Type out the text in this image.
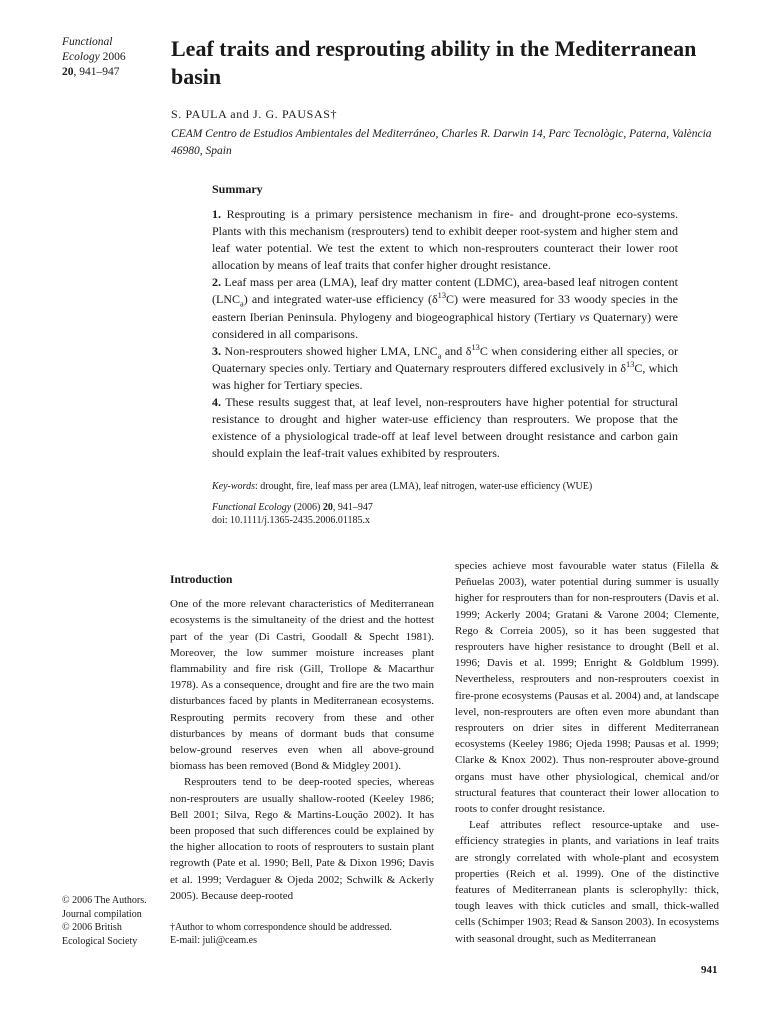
Functional
Ecology 2006
20, 941–947
Leaf traits and resprouting ability in the Mediterranean basin
S. PAULA and J. G. PAUSAS†
CEAM Centro de Estudios Ambientales del Mediterráneo, Charles R. Darwin 14, Parc Tecnològic, Paterna, València 46980, Spain
Summary

1. Resprouting is a primary persistence mechanism in fire- and drought-prone eco-systems. Plants with this mechanism (resprouters) tend to exhibit deeper root-system and higher stem and leaf water potential. We test the extent to which non-resprouters counteract their lower root allocation by means of leaf traits that confer higher drought resistance.

2. Leaf mass per area (LMA), leaf dry matter content (LDMC), area-based leaf nitrogen content $(LNC_a)$ and integrated water-use efficiency $(\delta^{13}C)$ were measured for 33 woody species in the eastern Iberian Peninsula. Phylogeny and biogeographical history (Tertiary vs Quaternary) were considered in all comparisons.

3. Non-resprouters showed higher LMA, $LNC_a$ and $\delta^{13}C$ when considering either all species, or Quaternary species only. Tertiary and Quaternary resprouters differed exclusively in $\delta^{13}C$, which was higher for Tertiary species.

4. These results suggest that, at leaf level, non-resprouters have higher potential for structural resistance to drought and higher water-use efficiency than resprouters. We propose that the existence of a physiological trade-off at leaf level between drought resistance and carbon gain should explain the leaf-trait values exhibited by resprouters.

Key-words: drought, fire, leaf mass per area (LMA), leaf nitrogen, water-use efficiency (WUE)
Functional Ecology (2006) 20, 941–947
doi: 10.1111/j.1365-2435.2006.01185.x
Introduction

One of the more relevant characteristics of Mediterranean ecosystems is the simultaneity of the driest and the hottest part of the year (Di Castri, Goodall & Specht 1981). Moreover, the low summer moisture increases plant flammability and fire risk (Gill, Trollope & Macarthur 1978). As a consequence, drought and fire are the two main disturbances faced by plants in Mediterranean ecosystems. Resprouting permits recovery from these and other disturbances by means of dormant buds that consume below-ground reserves even when all above-ground biomass has been removed (Bond & Midgley 2001).

Resprouters tend to be deep-rooted species, whereas non-resprouters are usually shallow-rooted (Keeley 1986; Bell 2001; Silva, Rego & Martins-Loução 2002). It has been proposed that such differences could be explained by the higher allocation to roots of resprouters to sustain plant regrowth (Pate et al. 1990; Bell, Pate & Dixon 1996; Davis et al. 1999; Verdaguer & Ojeda 2002; Schwilk & Ackerly 2005). Because deep-rooted

species achieve most favourable water status (Filella & Peñuelas 2003), water potential during summer is usually higher for resprouters than for non-resprouters (Davis et al. 1999; Ackerly 2004; Gratani & Varone 2004; Clemente, Rego & Correia 2005), so it has been suggested that resprouters have higher resistance to drought (Bell et al. 1996; Davis et al. 1999; Enright & Goldblum 1999). Nevertheless, resprouters and non-resprouters coexist in fire-prone ecosystems (Pausas et al. 2004) and, at landscape level, non-resprouters are often even more abundant than resprouters on drier sites in different Mediterranean ecosystems (Keeley 1986; Ojeda 1998; Pausas et al. 1999; Clarke & Knox 2002). Thus non-resprouter above-ground organs must have other physiological, chemical and/or structural features that counteract their lower allocation to roots to confer drought resistance.

Leaf attributes reflect resource-uptake and use-efficiency strategies in plants, and variations in leaf traits are strongly correlated with whole-plant and ecosystem properties (Reich et al. 1999). One of the distinctive features of Mediterranean plants is sclerophylly: thick, tough leaves with thick cuticles and small, thick-walled cells (Schimper 1903; Read & Sanson 2003). In ecosystems with seasonal drought, such as Mediterranean

© 2006 The Authors.
Journal compilation
© 2006 British
Ecological Society
†Author to whom correspondence should be addressed.
E-mail: juli@ceam.es
941
